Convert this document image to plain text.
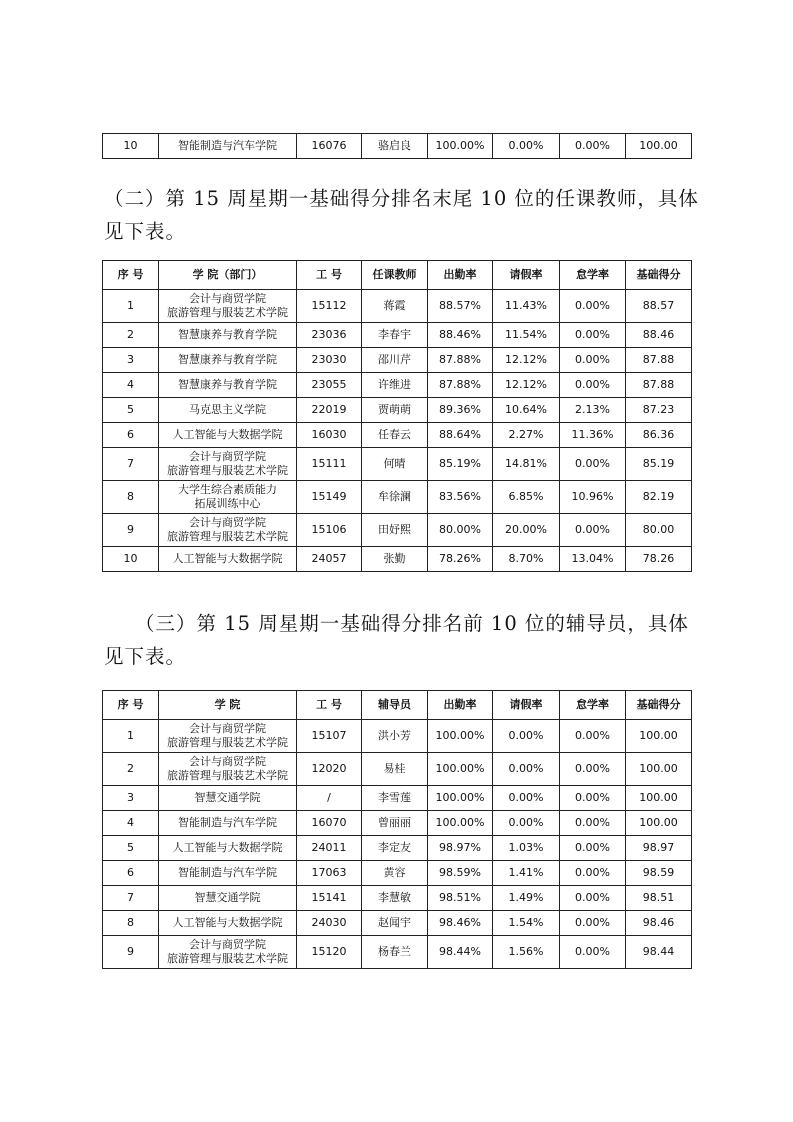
10	智能制造与汽车学院	16076	骆启良	100.00%	0.00%	0.00%	100.00

（二）第 15 周星期一基础得分排名末尾 10 位的任课教师，具体见下表。

序 号	学 院（部门）	工 号	任课教师	出勤率	请假率	怠学率	基础得分
1	会计与商贸学院
旅游管理与服装艺术学院	15112	蒋霞	88.57%	11.43%	0.00%	88.57
2	智慧康养与教育学院	23036	李春宇	88.46%	11.54%	0.00%	88.46
3	智慧康养与教育学院	23030	邵川芹	87.88%	12.12%	0.00%	87.88
4	智慧康养与教育学院	23055	许维进	87.88%	12.12%	0.00%	87.88
5	马克思主义学院	22019	贾萌萌	89.36%	10.64%	2.13%	87.23
6	人工智能与大数据学院	16030	任春云	88.64%	2.27%	11.36%	86.36
7	会计与商贸学院
旅游管理与服装艺术学院	15111	何晴	85.19%	14.81%	0.00%	85.19
8	大学生综合素质能力
拓展训练中心	15149	牟徐澜	83.56%	6.85%	10.96%	82.19
9	会计与商贸学院
旅游管理与服装艺术学院	15106	田妤熙	80.00%	20.00%	0.00%	80.00
10	人工智能与大数据学院	24057	张勤	78.26%	8.70%	13.04%	78.26

（三）第 15 周星期一基础得分排名前 10 位的辅导员，具体
见下表。

序 号	学 院	工 号	辅导员	出勤率	请假率	怠学率	基础得分
1	会计与商贸学院
旅游管理与服装艺术学院	15107	洪小芳	100.00%	0.00%	0.00%	100.00
2	会计与商贸学院
旅游管理与服装艺术学院	12020	易桂	100.00%	0.00%	0.00%	100.00
3	智慧交通学院	/	李雪莲	100.00%	0.00%	0.00%	100.00
4	智能制造与汽车学院	16070	曾丽丽	100.00%	0.00%	0.00%	100.00
5	人工智能与大数据学院	24011	李定友	98.97%	1.03%	0.00%	98.97
6	智能制造与汽车学院	17063	黄容	98.59%	1.41%	0.00%	98.59
7	智慧交通学院	15141	李慧敏	98.51%	1.49%	0.00%	98.51
8	人工智能与大数据学院	24030	赵闻宇	98.46%	1.54%	0.00%	98.46
9	会计与商贸学院
旅游管理与服装艺术学院	15120	杨春兰	98.44%	1.56%	0.00%	98.44
